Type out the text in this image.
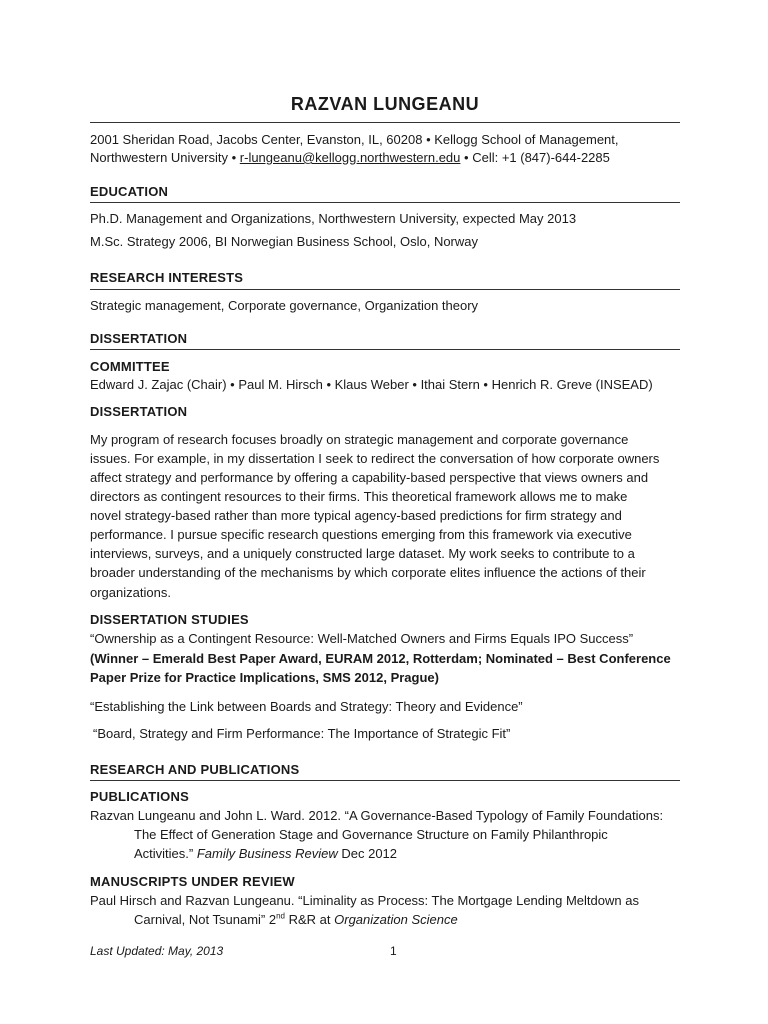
RAZVAN LUNGEANU
2001 Sheridan Road, Jacobs Center, Evanston, IL, 60208 • Kellogg School of Management,
Northwestern University • r-lungeanu@kellogg.northwestern.edu • Cell: +1 (847)-644-2285
EDUCATION
Ph.D. Management and Organizations, Northwestern University, expected May 2013
M.Sc. Strategy 2006, BI Norwegian Business School, Oslo, Norway
RESEARCH INTERESTS
Strategic management, Corporate governance, Organization theory
DISSERTATION
COMMITTEE
Edward J. Zajac (Chair) • Paul M. Hirsch • Klaus Weber • Ithai Stern • Henrich R. Greve (INSEAD)
DISSERTATION
My program of research focuses broadly on strategic management and corporate governance
issues. For example, in my dissertation I seek to redirect the conversation of how corporate owners
affect strategy and performance by offering a capability-based perspective that views owners and
directors as contingent resources to their firms. This theoretical framework allows me to make
novel strategy-based rather than more typical agency-based predictions for firm strategy and
performance. I pursue specific research questions emerging from this framework via executive
interviews, surveys, and a uniquely constructed large dataset. My work seeks to contribute to a
broader understanding of the mechanisms by which corporate elites influence the actions of their
organizations.
DISSERTATION STUDIES
“Ownership as a Contingent Resource: Well-Matched Owners and Firms Equals IPO Success”
(Winner – Emerald Best Paper Award, EURAM 2012, Rotterdam; Nominated – Best Conference
Paper Prize for Practice Implications, SMS 2012, Prague)
“Establishing the Link between Boards and Strategy: Theory and Evidence”
“Board, Strategy and Firm Performance: The Importance of Strategic Fit”
RESEARCH AND PUBLICATIONS
PUBLICATIONS
Razvan Lungeanu and John L. Ward. 2012. “A Governance-Based Typology of Family Foundations:
The Effect of Generation Stage and Governance Structure on Family Philanthropic
Activities.” Family Business Review Dec 2012
MANUSCRIPTS UNDER REVIEW
Paul Hirsch and Razvan Lungeanu. “Liminality as Process: The Mortgage Lending Meltdown as
Carnival, Not Tsunami” 2nd R&R at Organization Science
Last Updated: May, 2013	1
